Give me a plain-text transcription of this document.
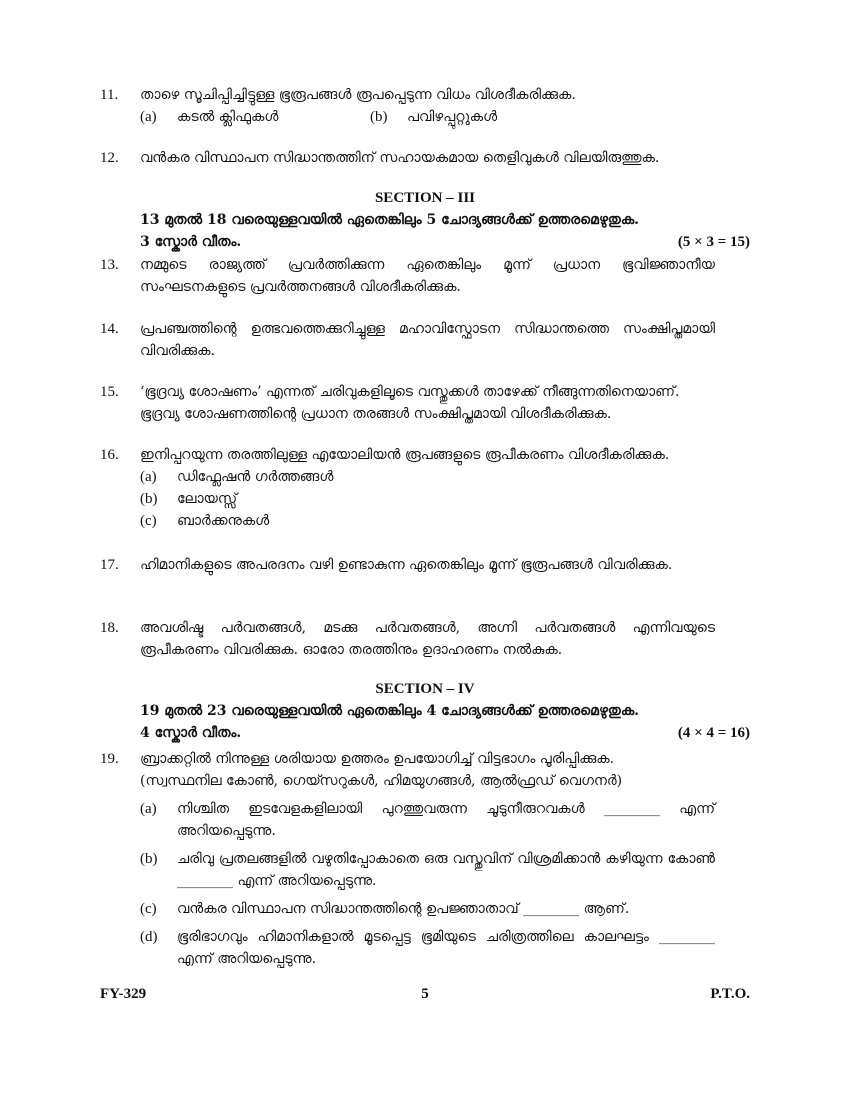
11.	താഴെ സൂചിപ്പിച്ചിട്ടുള്ള ഭൂരൂപങ്ങൾ രൂപപ്പെടുന്ന വിധം വിശദീകരിക്കുക.
(a)	കടൽ ക്ലിഫുകൾ	(b)	പവിഴപ്പുറ്റുകൾ
12.	വൻകര വിസ്ഥാപന സിദ്ധാന്തത്തിന് സഹായകമായ തെളിവുകൾ വിലയിരുത്തുക.
SECTION – III
13 മുതൽ 18 വരെയുള്ളവയിൽ ഏതെങ്കിലും 5 ചോദ്യങ്ങൾക്ക് ഉത്തരമെഴുതുക.
3 സ്കോർ വീതം.	(5 × 3 = 15)
13.	നമ്മുടെ രാജ്യത്ത് പ്രവർത്തിക്കുന്ന ഏതെങ്കിലും മൂന്ന് പ്രധാന ഭൂവിജ്ഞാനീയ സംഘടനകളുടെ പ്രവർത്തനങ്ങൾ വിശദീകരിക്കുക.
14.	പ്രപഞ്ചത്തിന്റെ ഉത്ഭവത്തെക്കുറിച്ചുള്ള മഹാവിസ്ഫോടന സിദ്ധാന്തത്തെ സംക്ഷിപ്തമായി വിവരിക്കുക.
15.	‘ഭൂദ്രവ്യ ശോഷണം’ എന്നത് ചരിവുകളിലൂടെ വസ്തുക്കൾ താഴേക്ക് നീങ്ങുന്നതിനെയാണ്. ഭൂദ്രവ്യ ശോഷണത്തിന്റെ പ്രധാന തരങ്ങൾ സംക്ഷിപ്തമായി വിശദീകരിക്കുക.
16.	ഇനിപ്പറയുന്ന തരത്തിലുള്ള എയോലിയൻ രൂപങ്ങളുടെ രൂപീകരണം വിശദീകരിക്കുക.
(a)	ഡിഫ്ലേഷൻ ഗർത്തങ്ങൾ
(b)	ലോയസ്സ്
(c)	ബാർക്കനുകൾ
17.	ഹിമാനികളുടെ അപരദനം വഴി ഉണ്ടാകുന്ന ഏതെങ്കിലും മൂന്ന് ഭൂരൂപങ്ങൾ വിവരിക്കുക.
18.	അവശിഷ്ട പർവതങ്ങൾ, മടക്കു പർവതങ്ങൾ, അഗ്നി പർവതങ്ങൾ എന്നിവയുടെ രൂപീകരണം വിവരിക്കുക. ഓരോ തരത്തിനും ഉദാഹരണം നൽകുക.
SECTION – IV
19 മുതൽ 23 വരെയുള്ളവയിൽ ഏതെങ്കിലും 4 ചോദ്യങ്ങൾക്ക് ഉത്തരമെഴുതുക.
4 സ്കോർ വീതം.	(4 × 4 = 16)
19.	ബ്രാക്കറ്റിൽ നിന്നുള്ള ശരിയായ ഉത്തരം ഉപയോഗിച്ച് വിട്ടഭാഗം പൂരിപ്പിക്കുക.
(സ്വസ്ഥനില കോൺ, ഗെയ്സറുകൾ, ഹിമയുഗങ്ങൾ, ആൽഫ്രഡ് വെഗനർ)
(a)	നിശ്ചിത ഇടവേളകളിലായി പുറത്തുവരുന്ന ചൂടുനീരുറവകൾ ________ എന്ന് അറിയപ്പെടുന്നു.
(b)	ചരിവു പ്രതലങ്ങളിൽ വഴുതിപ്പോകാതെ ഒരു വസ്തുവിന് വിശ്രമിക്കാൻ കഴിയുന്ന കോൺ ________ എന്ന് അറിയപ്പെടുന്നു.
(c)	വൻകര വിസ്ഥാപന സിദ്ധാന്തത്തിന്റെ ഉപജ്ഞാതാവ് ________ ആണ്.
(d)	ഭൂരിഭാഗവും ഹിമാനികളാൽ മൂടപ്പെട്ട ഭൂമിയുടെ ചരിത്രത്തിലെ കാലഘട്ടം ________ എന്ന് അറിയപ്പെടുന്നു.
FY-329	5	P.T.O.
